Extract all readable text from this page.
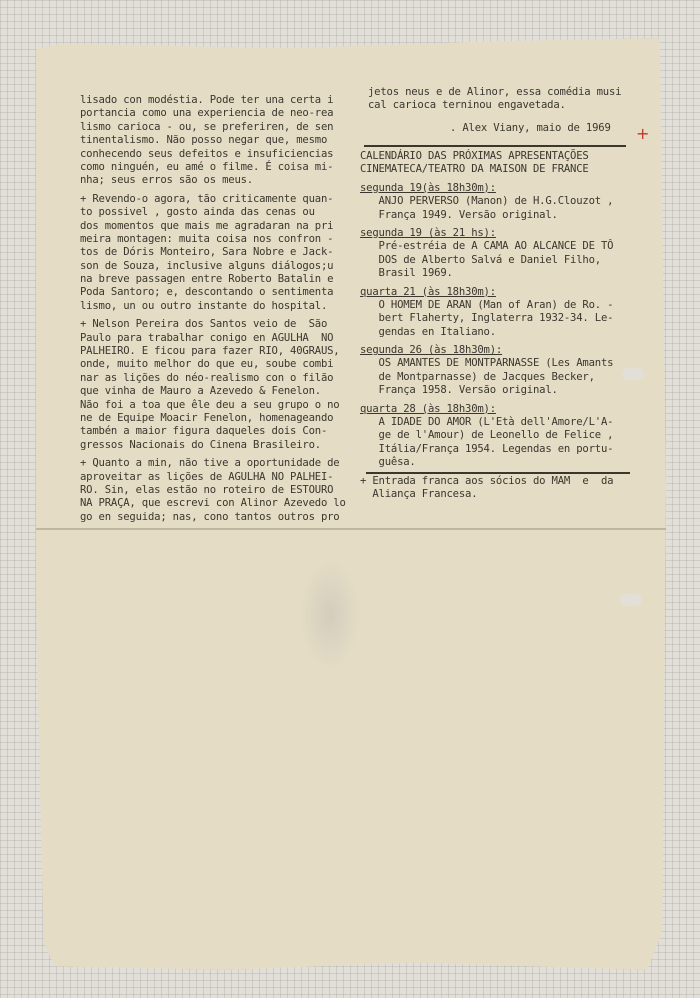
lisado con modéstia. Pode ter una certa i
portancia como una experiencia de neo-rea
lismo carioca - ou, se preferiren, de sen
tinentalismo. Não posso negar que, mesmo
conhecendo seus defeitos e insuficiencias
como ninguén, eu amé o filme. É coisa mi-
nha; seus erros são os meus.
+ Revendo-o agora, tão criticamente quan-
to possivel , gosto ainda das cenas ou
dos momentos que mais me agradaran na pri
meira montagen: muita coisa nos confron -
tos de Dóris Monteiro, Sara Nobre e Jack-
son de Souza, inclusive alguns diálogos;u
na breve passagen entre Roberto Batalin e
Poda Santoro; e, descontando o sentimenta
lismo, un ou outro instante do hospital.
+ Nelson Pereira dos Santos veio de  São
Paulo para trabalhar conigo en AGULHA  NO
PALHEIRO. E ficou para fazer RIO, 40GRAUS,
onde, muito melhor do que eu, soube combi
nar as lições do néo-realismo con o filão
que vinha de Mauro a Azevedo & Fenelon.
Não foi a toa que êle deu a seu grupo o no
ne de Equipe Moacir Fenelon, homenageando
tambén a maior figura daqueles dois Con-
gressos Nacionais do Cinena Brasileiro.
+ Quanto a min, não tive a oportunidade de
aproveitar as lições de AGULHA NO PALHEI-
RO. Sin, elas estão no roteiro de ESTOURO
NA PRAÇA, que escrevi con Alinor Azevedo lo
go en seguida; nas, cono tantos outros pro
jetos neus e de Alinor, essa comédia musi
cal carioca terninou engavetada.
. Alex Viany, maio de 1969 +
CALENDÁRIO DAS PRÓXIMAS APRESENTAÇÕES
CINEMATECA/TEATRO DA MAISON DE FRANCE
segunda 19(às 18h30m):
ANJO PERVERSO (Manon) de H.G.Clouzot ,
França 1949. Versão original.
segunda 19 (às 21 hs):
Pré-estréia de A CAMA AO ALCANCE DE TÔ
DOS de Alberto Salvá e Daniel Filho,
Brasil 1969.
quarta 21 (às 18h30m):
O HOMEM DE ARAN (Man of Aran) de Ro. -
bert Flaherty, Inglaterra 1932-34. Le-
gendas en Italiano.
segunda 26 (às 18h30m):
OS AMANTES DE MONTPARNASSE (Les Amants
de Montparnasse) de Jacques Becker,
França 1958. Versão original.
quarta 28 (às 18h30m):
A IDADE DO AMOR (L'Età dell'Amore/L'A-
ge de l'Amour) de Leonello de Felice ,
Itália/França 1954. Legendas en portu-
guêsa.
+ Entrada franca aos sócios do MAM  e  da
Aliança Francesa.
